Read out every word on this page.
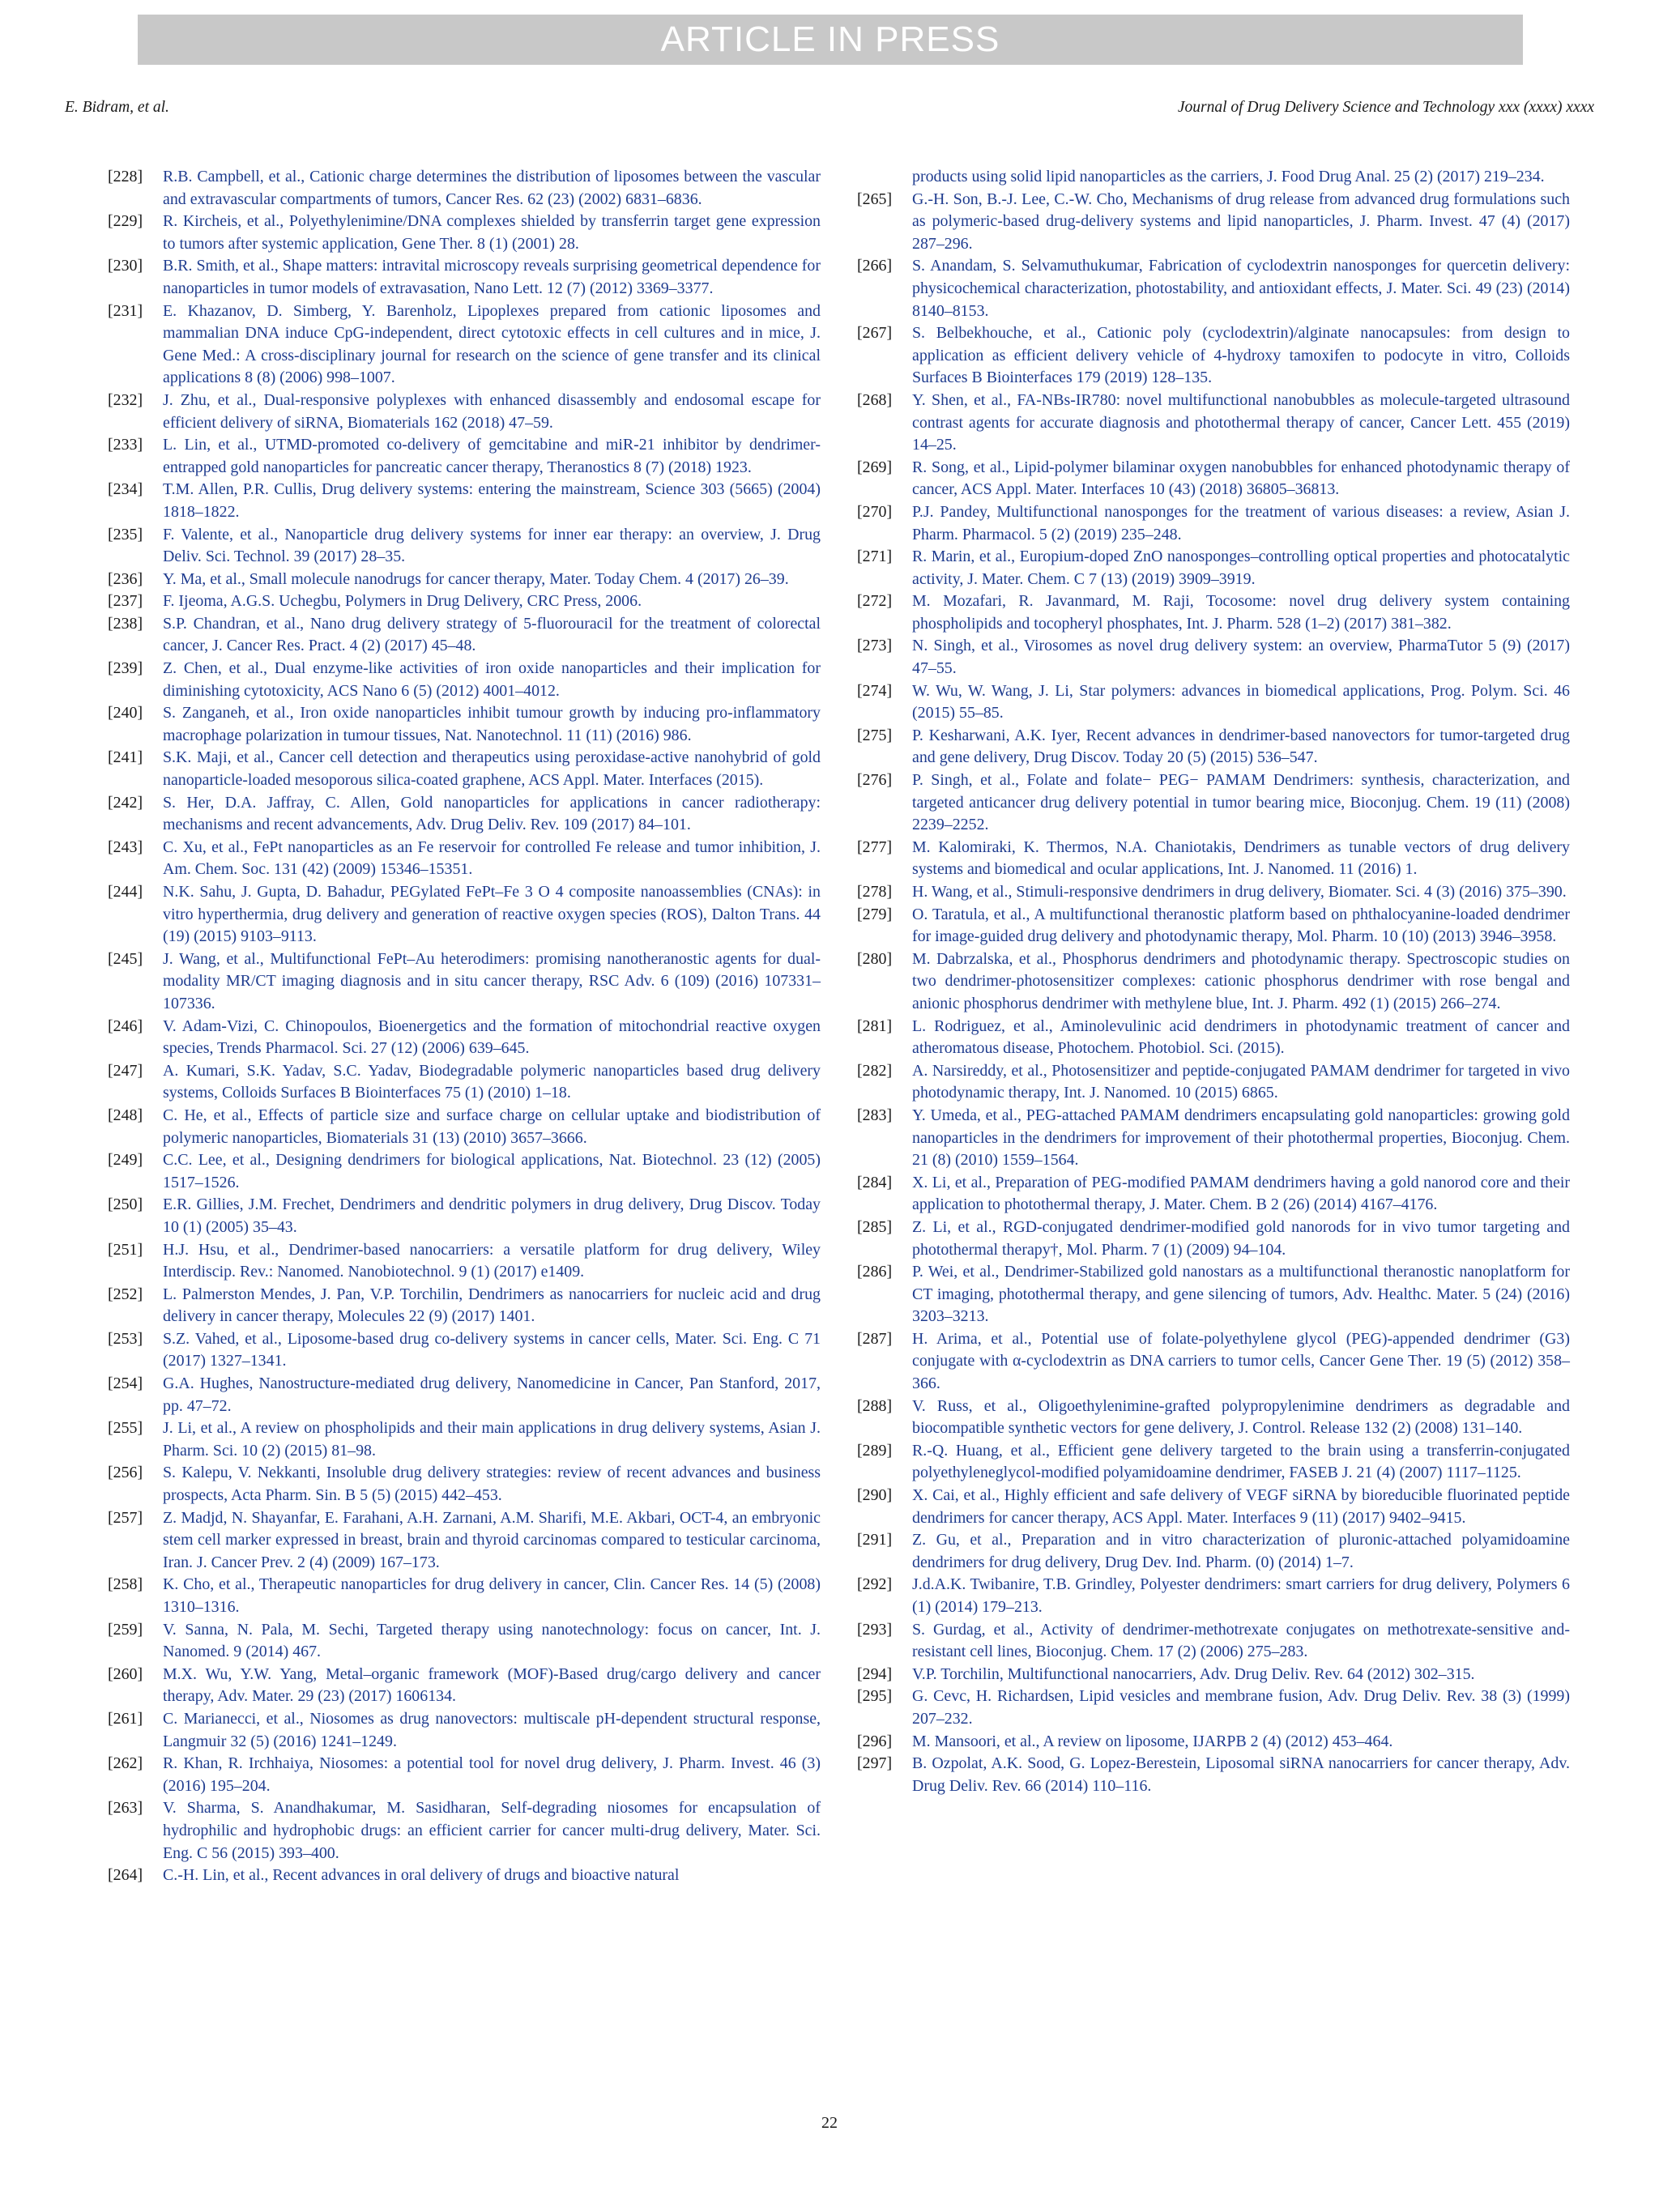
ARTICLE IN PRESS
E. Bidram, et al.	Journal of Drug Delivery Science and Technology xxx (xxxx) xxxx
[228] R.B. Campbell, et al., Cationic charge determines the distribution of liposomes between the vascular and extravascular compartments of tumors, Cancer Res. 62 (23) (2002) 6831–6836.
[229] R. Kircheis, et al., Polyethylenimine/DNA complexes shielded by transferrin target gene expression to tumors after systemic application, Gene Ther. 8 (1) (2001) 28.
[230] B.R. Smith, et al., Shape matters: intravital microscopy reveals surprising geometrical dependence for nanoparticles in tumor models of extravasation, Nano Lett. 12 (7) (2012) 3369–3377.
[231] E. Khazanov, D. Simberg, Y. Barenholz, Lipoplexes prepared from cationic liposomes and mammalian DNA induce CpG-independent, direct cytotoxic effects in cell cultures and in mice, J. Gene Med.: A cross-disciplinary journal for research on the science of gene transfer and its clinical applications 8 (8) (2006) 998–1007.
[232] J. Zhu, et al., Dual-responsive polyplexes with enhanced disassembly and endosomal escape for efficient delivery of siRNA, Biomaterials 162 (2018) 47–59.
[233] L. Lin, et al., UTMD-promoted co-delivery of gemcitabine and miR-21 inhibitor by dendrimer-entrapped gold nanoparticles for pancreatic cancer therapy, Theranostics 8 (7) (2018) 1923.
[234] T.M. Allen, P.R. Cullis, Drug delivery systems: entering the mainstream, Science 303 (5665) (2004) 1818–1822.
[235] F. Valente, et al., Nanoparticle drug delivery systems for inner ear therapy: an overview, J. Drug Deliv. Sci. Technol. 39 (2017) 28–35.
[236] Y. Ma, et al., Small molecule nanodrugs for cancer therapy, Mater. Today Chem. 4 (2017) 26–39.
[237] F. Ijeoma, A.G.S. Uchegbu, Polymers in Drug Delivery, CRC Press, 2006.
[238] S.P. Chandran, et al., Nano drug delivery strategy of 5-fluorouracil for the treatment of colorectal cancer, J. Cancer Res. Pract. 4 (2) (2017) 45–48.
[239] Z. Chen, et al., Dual enzyme-like activities of iron oxide nanoparticles and their implication for diminishing cytotoxicity, ACS Nano 6 (5) (2012) 4001–4012.
[240] S. Zanganeh, et al., Iron oxide nanoparticles inhibit tumour growth by inducing pro-inflammatory macrophage polarization in tumour tissues, Nat. Nanotechnol. 11 (11) (2016) 986.
[241] S.K. Maji, et al., Cancer cell detection and therapeutics using peroxidase-active nanohybrid of gold nanoparticle-loaded mesoporous silica-coated graphene, ACS Appl. Mater. Interfaces (2015).
[242] S. Her, D.A. Jaffray, C. Allen, Gold nanoparticles for applications in cancer radiotherapy: mechanisms and recent advancements, Adv. Drug Deliv. Rev. 109 (2017) 84–101.
[243] C. Xu, et al., FePt nanoparticles as an Fe reservoir for controlled Fe release and tumor inhibition, J. Am. Chem. Soc. 131 (42) (2009) 15346–15351.
[244] N.K. Sahu, J. Gupta, D. Bahadur, PEGylated FePt–Fe 3 O 4 composite nanoassemblies (CNAs): in vitro hyperthermia, drug delivery and generation of reactive oxygen species (ROS), Dalton Trans. 44 (19) (2015) 9103–9113.
[245] J. Wang, et al., Multifunctional FePt–Au heterodimers: promising nanotheranostic agents for dual-modality MR/CT imaging diagnosis and in situ cancer therapy, RSC Adv. 6 (109) (2016) 107331–107336.
[246] V. Adam-Vizi, C. Chinopoulos, Bioenergetics and the formation of mitochondrial reactive oxygen species, Trends Pharmacol. Sci. 27 (12) (2006) 639–645.
[247] A. Kumari, S.K. Yadav, S.C. Yadav, Biodegradable polymeric nanoparticles based drug delivery systems, Colloids Surfaces B Biointerfaces 75 (1) (2010) 1–18.
[248] C. He, et al., Effects of particle size and surface charge on cellular uptake and biodistribution of polymeric nanoparticles, Biomaterials 31 (13) (2010) 3657–3666.
[249] C.C. Lee, et al., Designing dendrimers for biological applications, Nat. Biotechnol. 23 (12) (2005) 1517–1526.
[250] E.R. Gillies, J.M. Frechet, Dendrimers and dendritic polymers in drug delivery, Drug Discov. Today 10 (1) (2005) 35–43.
[251] H.J. Hsu, et al., Dendrimer-based nanocarriers: a versatile platform for drug delivery, Wiley Interdiscip. Rev.: Nanomed. Nanobiotechnol. 9 (1) (2017) e1409.
[252] L. Palmerston Mendes, J. Pan, V.P. Torchilin, Dendrimers as nanocarriers for nucleic acid and drug delivery in cancer therapy, Molecules 22 (9) (2017) 1401.
[253] S.Z. Vahed, et al., Liposome-based drug co-delivery systems in cancer cells, Mater. Sci. Eng. C 71 (2017) 1327–1341.
[254] G.A. Hughes, Nanostructure-mediated drug delivery, Nanomedicine in Cancer, Pan Stanford, 2017, pp. 47–72.
[255] J. Li, et al., A review on phospholipids and their main applications in drug delivery systems, Asian J. Pharm. Sci. 10 (2) (2015) 81–98.
[256] S. Kalepu, V. Nekkanti, Insoluble drug delivery strategies: review of recent advances and business prospects, Acta Pharm. Sin. B 5 (5) (2015) 442–453.
[257] Z. Madjd, N. Shayanfar, E. Farahani, A.H. Zarnani, A.M. Sharifi, M.E. Akbari, OCT-4, an embryonic stem cell marker expressed in breast, brain and thyroid carcinomas compared to testicular carcinoma, Iran. J. Cancer Prev. 2 (4) (2009) 167–173.
[258] K. Cho, et al., Therapeutic nanoparticles for drug delivery in cancer, Clin. Cancer Res. 14 (5) (2008) 1310–1316.
[259] V. Sanna, N. Pala, M. Sechi, Targeted therapy using nanotechnology: focus on cancer, Int. J. Nanomed. 9 (2014) 467.
[260] M.X. Wu, Y.W. Yang, Metal–organic framework (MOF)-Based drug/cargo delivery and cancer therapy, Adv. Mater. 29 (23) (2017) 1606134.
[261] C. Marianecci, et al., Niosomes as drug nanovectors: multiscale pH-dependent structural response, Langmuir 32 (5) (2016) 1241–1249.
[262] R. Khan, R. Irchhaiya, Niosomes: a potential tool for novel drug delivery, J. Pharm. Invest. 46 (3) (2016) 195–204.
[263] V. Sharma, S. Anandhakumar, M. Sasidharan, Self-degrading niosomes for encapsulation of hydrophilic and hydrophobic drugs: an efficient carrier for cancer multi-drug delivery, Mater. Sci. Eng. C 56 (2015) 393–400.
[264] C.-H. Lin, et al., Recent advances in oral delivery of drugs and bioactive natural
products using solid lipid nanoparticles as the carriers, J. Food Drug Anal. 25 (2) (2017) 219–234.
[265] G.-H. Son, B.-J. Lee, C.-W. Cho, Mechanisms of drug release from advanced drug formulations such as polymeric-based drug-delivery systems and lipid nanoparticles, J. Pharm. Invest. 47 (4) (2017) 287–296.
[266] S. Anandam, S. Selvamuthukumar, Fabrication of cyclodextrin nanosponges for quercetin delivery: physicochemical characterization, photostability, and antioxidant effects, J. Mater. Sci. 49 (23) (2014) 8140–8153.
[267] S. Belbekhouche, et al., Cationic poly (cyclodextrin)/alginate nanocapsules: from design to application as efficient delivery vehicle of 4-hydroxy tamoxifen to podocyte in vitro, Colloids Surfaces B Biointerfaces 179 (2019) 128–135.
[268] Y. Shen, et al., FA-NBs-IR780: novel multifunctional nanobubbles as molecule-targeted ultrasound contrast agents for accurate diagnosis and photothermal therapy of cancer, Cancer Lett. 455 (2019) 14–25.
[269] R. Song, et al., Lipid-polymer bilaminar oxygen nanobubbles for enhanced photodynamic therapy of cancer, ACS Appl. Mater. Interfaces 10 (43) (2018) 36805–36813.
[270] P.J. Pandey, Multifunctional nanosponges for the treatment of various diseases: a review, Asian J. Pharm. Pharmacol. 5 (2) (2019) 235–248.
[271] R. Marin, et al., Europium-doped ZnO nanosponges–controlling optical properties and photocatalytic activity, J. Mater. Chem. C 7 (13) (2019) 3909–3919.
[272] M. Mozafari, R. Javanmard, M. Raji, Tocosome: novel drug delivery system containing phospholipids and tocopheryl phosphates, Int. J. Pharm. 528 (1–2) (2017) 381–382.
[273] N. Singh, et al., Virosomes as novel drug delivery system: an overview, PharmaTutor 5 (9) (2017) 47–55.
[274] W. Wu, W. Wang, J. Li, Star polymers: advances in biomedical applications, Prog. Polym. Sci. 46 (2015) 55–85.
[275] P. Kesharwani, A.K. Iyer, Recent advances in dendrimer-based nanovectors for tumor-targeted drug and gene delivery, Drug Discov. Today 20 (5) (2015) 536–547.
[276] P. Singh, et al., Folate and folate− PEG− PAMAM Dendrimers: synthesis, characterization, and targeted anticancer drug delivery potential in tumor bearing mice, Bioconjug. Chem. 19 (11) (2008) 2239–2252.
[277] M. Kalomiraki, K. Thermos, N.A. Chaniotakis, Dendrimers as tunable vectors of drug delivery systems and biomedical and ocular applications, Int. J. Nanomed. 11 (2016) 1.
[278] H. Wang, et al., Stimuli-responsive dendrimers in drug delivery, Biomater. Sci. 4 (3) (2016) 375–390.
[279] O. Taratula, et al., A multifunctional theranostic platform based on phthalocyanine-loaded dendrimer for image-guided drug delivery and photodynamic therapy, Mol. Pharm. 10 (10) (2013) 3946–3958.
[280] M. Dabrzalska, et al., Phosphorus dendrimers and photodynamic therapy. Spectroscopic studies on two dendrimer-photosensitizer complexes: cationic phosphorus dendrimer with rose bengal and anionic phosphorus dendrimer with methylene blue, Int. J. Pharm. 492 (1) (2015) 266–274.
[281] L. Rodriguez, et al., Aminolevulinic acid dendrimers in photodynamic treatment of cancer and atheromatous disease, Photochem. Photobiol. Sci. (2015).
[282] A. Narsireddy, et al., Photosensitizer and peptide-conjugated PAMAM dendrimer for targeted in vivo photodynamic therapy, Int. J. Nanomed. 10 (2015) 6865.
[283] Y. Umeda, et al., PEG-attached PAMAM dendrimers encapsulating gold nanoparticles: growing gold nanoparticles in the dendrimers for improvement of their photothermal properties, Bioconjug. Chem. 21 (8) (2010) 1559–1564.
[284] X. Li, et al., Preparation of PEG-modified PAMAM dendrimers having a gold nanorod core and their application to photothermal therapy, J. Mater. Chem. B 2 (26) (2014) 4167–4176.
[285] Z. Li, et al., RGD-conjugated dendrimer-modified gold nanorods for in vivo tumor targeting and photothermal therapy†, Mol. Pharm. 7 (1) (2009) 94–104.
[286] P. Wei, et al., Dendrimer-Stabilized gold nanostars as a multifunctional theranostic nanoplatform for CT imaging, photothermal therapy, and gene silencing of tumors, Adv. Healthc. Mater. 5 (24) (2016) 3203–3213.
[287] H. Arima, et al., Potential use of folate-polyethylene glycol (PEG)-appended dendrimer (G3) conjugate with α-cyclodextrin as DNA carriers to tumor cells, Cancer Gene Ther. 19 (5) (2012) 358–366.
[288] V. Russ, et al., Oligoethylenimine-grafted polypropylenimine dendrimers as degradable and biocompatible synthetic vectors for gene delivery, J. Control. Release 132 (2) (2008) 131–140.
[289] R.-Q. Huang, et al., Efficient gene delivery targeted to the brain using a transferrin-conjugated polyethyleneglycol-modified polyamidoamine dendrimer, FASEB J. 21 (4) (2007) 1117–1125.
[290] X. Cai, et al., Highly efficient and safe delivery of VEGF siRNA by bioreducible fluorinated peptide dendrimers for cancer therapy, ACS Appl. Mater. Interfaces 9 (11) (2017) 9402–9415.
[291] Z. Gu, et al., Preparation and in vitro characterization of pluronic-attached polyamidoamine dendrimers for drug delivery, Drug Dev. Ind. Pharm. (0) (2014) 1–7.
[292] J.d.A.K. Twibanire, T.B. Grindley, Polyester dendrimers: smart carriers for drug delivery, Polymers 6 (1) (2014) 179–213.
[293] S. Gurdag, et al., Activity of dendrimer-methotrexate conjugates on methotrexate-sensitive and-resistant cell lines, Bioconjug. Chem. 17 (2) (2006) 275–283.
[294] V.P. Torchilin, Multifunctional nanocarriers, Adv. Drug Deliv. Rev. 64 (2012) 302–315.
[295] G. Cevc, H. Richardsen, Lipid vesicles and membrane fusion, Adv. Drug Deliv. Rev. 38 (3) (1999) 207–232.
[296] M. Mansoori, et al., A review on liposome, IJARPB 2 (4) (2012) 453–464.
[297] B. Ozpolat, A.K. Sood, G. Lopez-Berestein, Liposomal siRNA nanocarriers for cancer therapy, Adv. Drug Deliv. Rev. 66 (2014) 110–116.
22
